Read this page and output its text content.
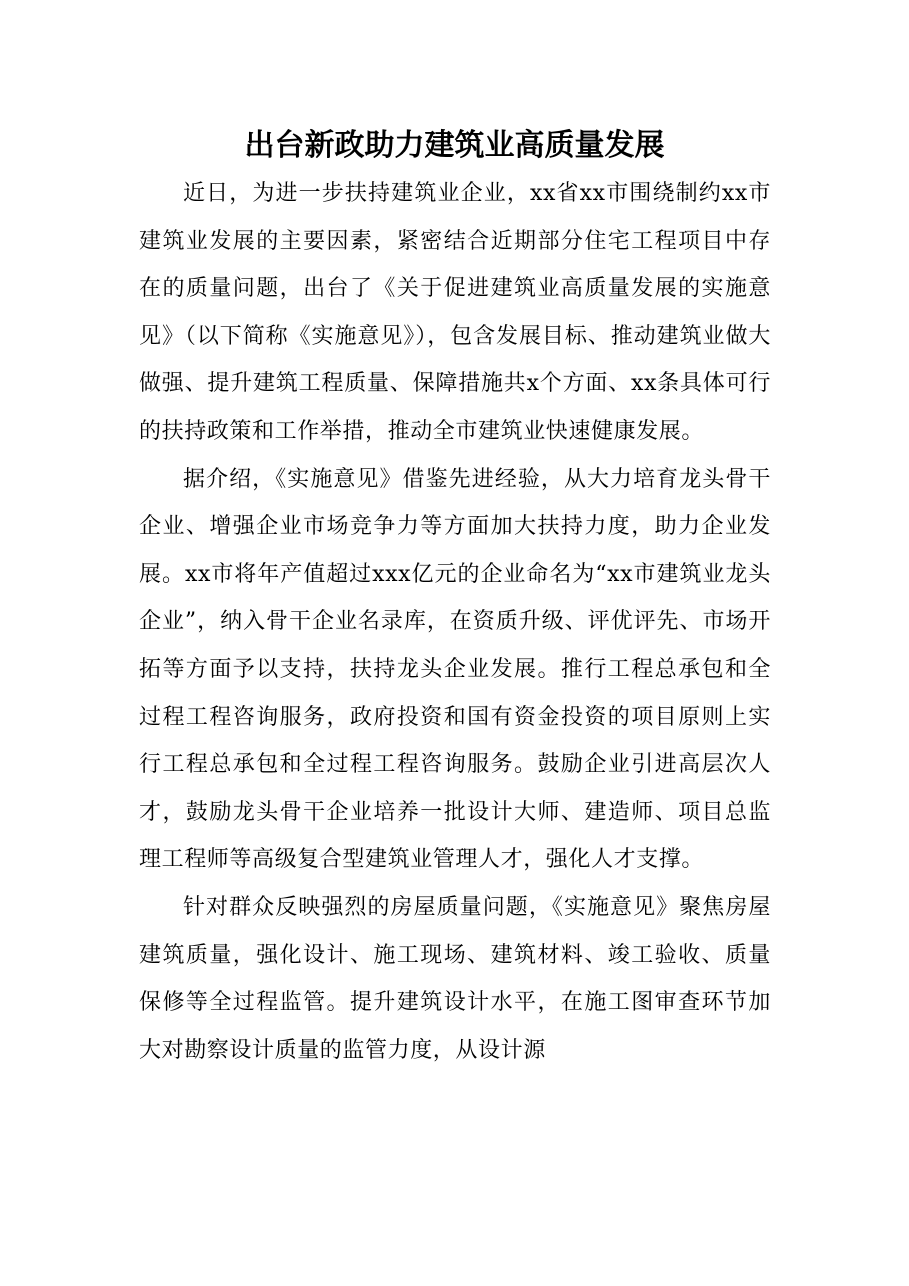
出台新政助力建筑业高质量发展

近日，为进一步扶持建筑业企业，xx省xx市围绕制约xx市建筑业发展的主要因素，紧密结合近期部分住宅工程项目中存在的质量问题，出台了《关于促进建筑业高质量发展的实施意见》（以下简称《实施意见》），包含发展目标、推动建筑业做大做强、提升建筑工程质量、保障措施共x个方面、xx条具体可行的扶持政策和工作举措，推动全市建筑业快速健康发展。

据介绍，《实施意见》借鉴先进经验，从大力培育龙头骨干企业、增强企业市场竞争力等方面加大扶持力度，助力企业发展。xx市将年产值超过xxx亿元的企业命名为“xx市建筑业龙头企业”，纳入骨干企业名录库，在资质升级、评优评先、市场开拓等方面予以支持，扶持龙头企业发展。推行工程总承包和全过程工程咨询服务，政府投资和国有资金投资的项目原则上实行工程总承包和全过程工程咨询服务。鼓励企业引进高层次人才，鼓励龙头骨干企业培养一批设计大师、建造师、项目总监理工程师等高级复合型建筑业管理人才，强化人才支撑。

针对群众反映强烈的房屋质量问题，《实施意见》聚焦房屋建筑质量，强化设计、施工现场、建筑材料、竣工验收、质量保修等全过程监管。提升建筑设计水平，在施工图审查环节加大对勘察设计质量的监管力度，从设计源
